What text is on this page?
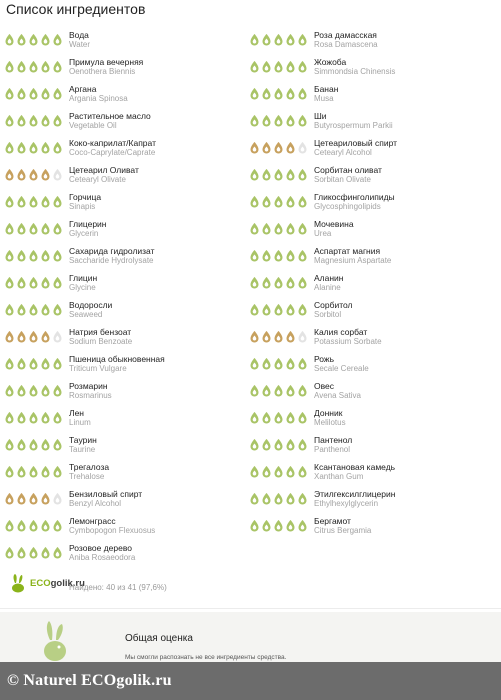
Список ингредиентов
Вода
Water
Примула вечерняя
Oenothera Biennis
Аргана
Argania Spinosa
Растительное масло
Vegetable Oil
Коко-каприлат/Капрат
Coco-Caprylate/Caprate
Цетеарил Оливат
Cetearyl Olivate
Горчица
Sinapis
Глицерин
Glycerin
Сахарида гидролизат
Saccharide Hydrolysate
Глицин
Glycine
Водоросли
Seaweed
Натрия бензоат
Sodium Benzoate
Пшеница обыкновенная
Triticum Vulgare
Розмарин
Rosmarinus
Лен
Linum
Таурин
Taurine
Трегалоза
Trehalose
Бензиловый спирт
Benzyl Alcohol
Лемонграсс
Cymbopogon Flexuosus
Розовое дерево
Aniba Rosaeodora
Роза дамасская
Rosa Damascena
Жожоба
Simmondsia Chinensis
Банан
Musa
Ши
Butyrospermum Parkii
Цетеариловый спирт
Cetearyl Alcohol
Сорбитан оливат
Sorbitan Olivate
Гликосфинголипиды
Glycosphingolipids
Мочевина
Urea
Аспартат магния
Magnesium Aspartate
Аланин
Alanine
Сорбитол
Sorbitol
Калия сорбат
Potassium Sorbate
Рожь
Secale Cereale
Овес
Avena Sativa
Донник
Melilotus
Пантенол
Panthenol
Ксантановая камедь
Xanthan Gum
Этилгексилглицерин
Ethylhexylglycerin
Бергамот
Citrus Bergamia
ECOgolik.ru
Найдено: 40 из 41 (97,6%)
Общая оценка
Мы смогли распознать не все ингредиенты средства.
© Naturel ECOgolik.ru
